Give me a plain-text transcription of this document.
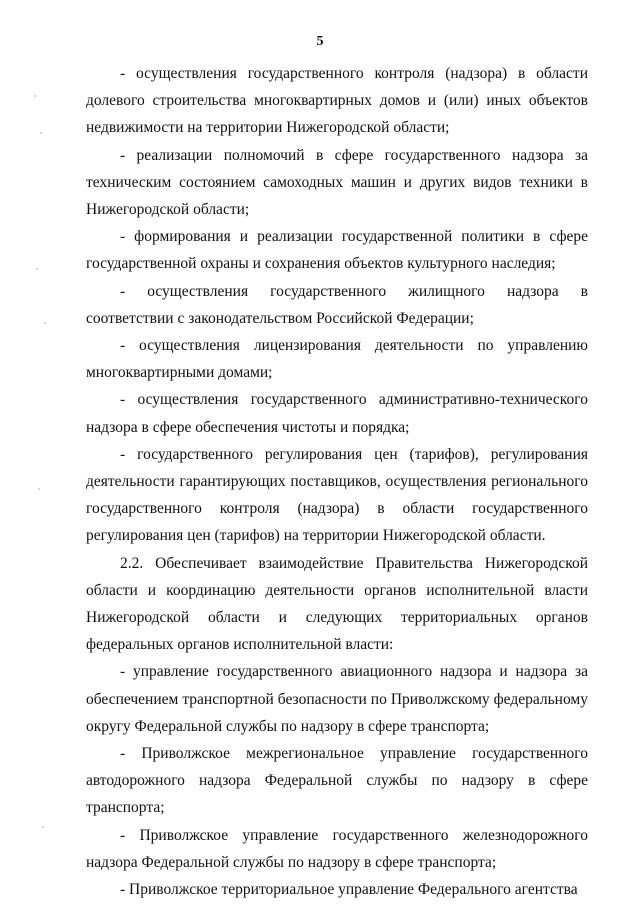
5

- осуществления государственного контроля (надзора) в области долевого строительства многоквартирных домов и (или) иных объектов недвижимости на территории Нижегородской области;

- реализации полномочий в сфере государственного надзора за техническим состоянием самоходных машин и других видов техники в Нижегородской области;

- формирования и реализации государственной политики в сфере государственной охраны и сохранения объектов культурного наследия;

- осуществления государственного жилищного надзора в соответствии с законодательством Российской Федерации;

- осуществления лицензирования деятельности по управлению многоквартирными домами;

- осуществления государственного административно-технического надзора в сфере обеспечения чистоты и порядка;

- государственного регулирования цен (тарифов), регулирования деятельности гарантирующих поставщиков, осуществления регионального государственного контроля (надзора) в области государственного регулирования цен (тарифов) на территории Нижегородской области.

2.2. Обеспечивает взаимодействие Правительства Нижегородской области и координацию деятельности органов исполнительной власти Нижегородской области и следующих территориальных органов федеральных органов исполнительной власти:

- управление государственного авиационного надзора и надзора за обеспечением транспортной безопасности по Приволжскому федеральному округу Федеральной службы по надзору в сфере транспорта;

- Приволжское межрегиональное управление государственного автодорожного надзора Федеральной службы по надзору в сфере транспорта;

- Приволжское управление государственного железнодорожного надзора Федеральной службы по надзору в сфере транспорта;

- Приволжское территориальное управление Федерального агентства
